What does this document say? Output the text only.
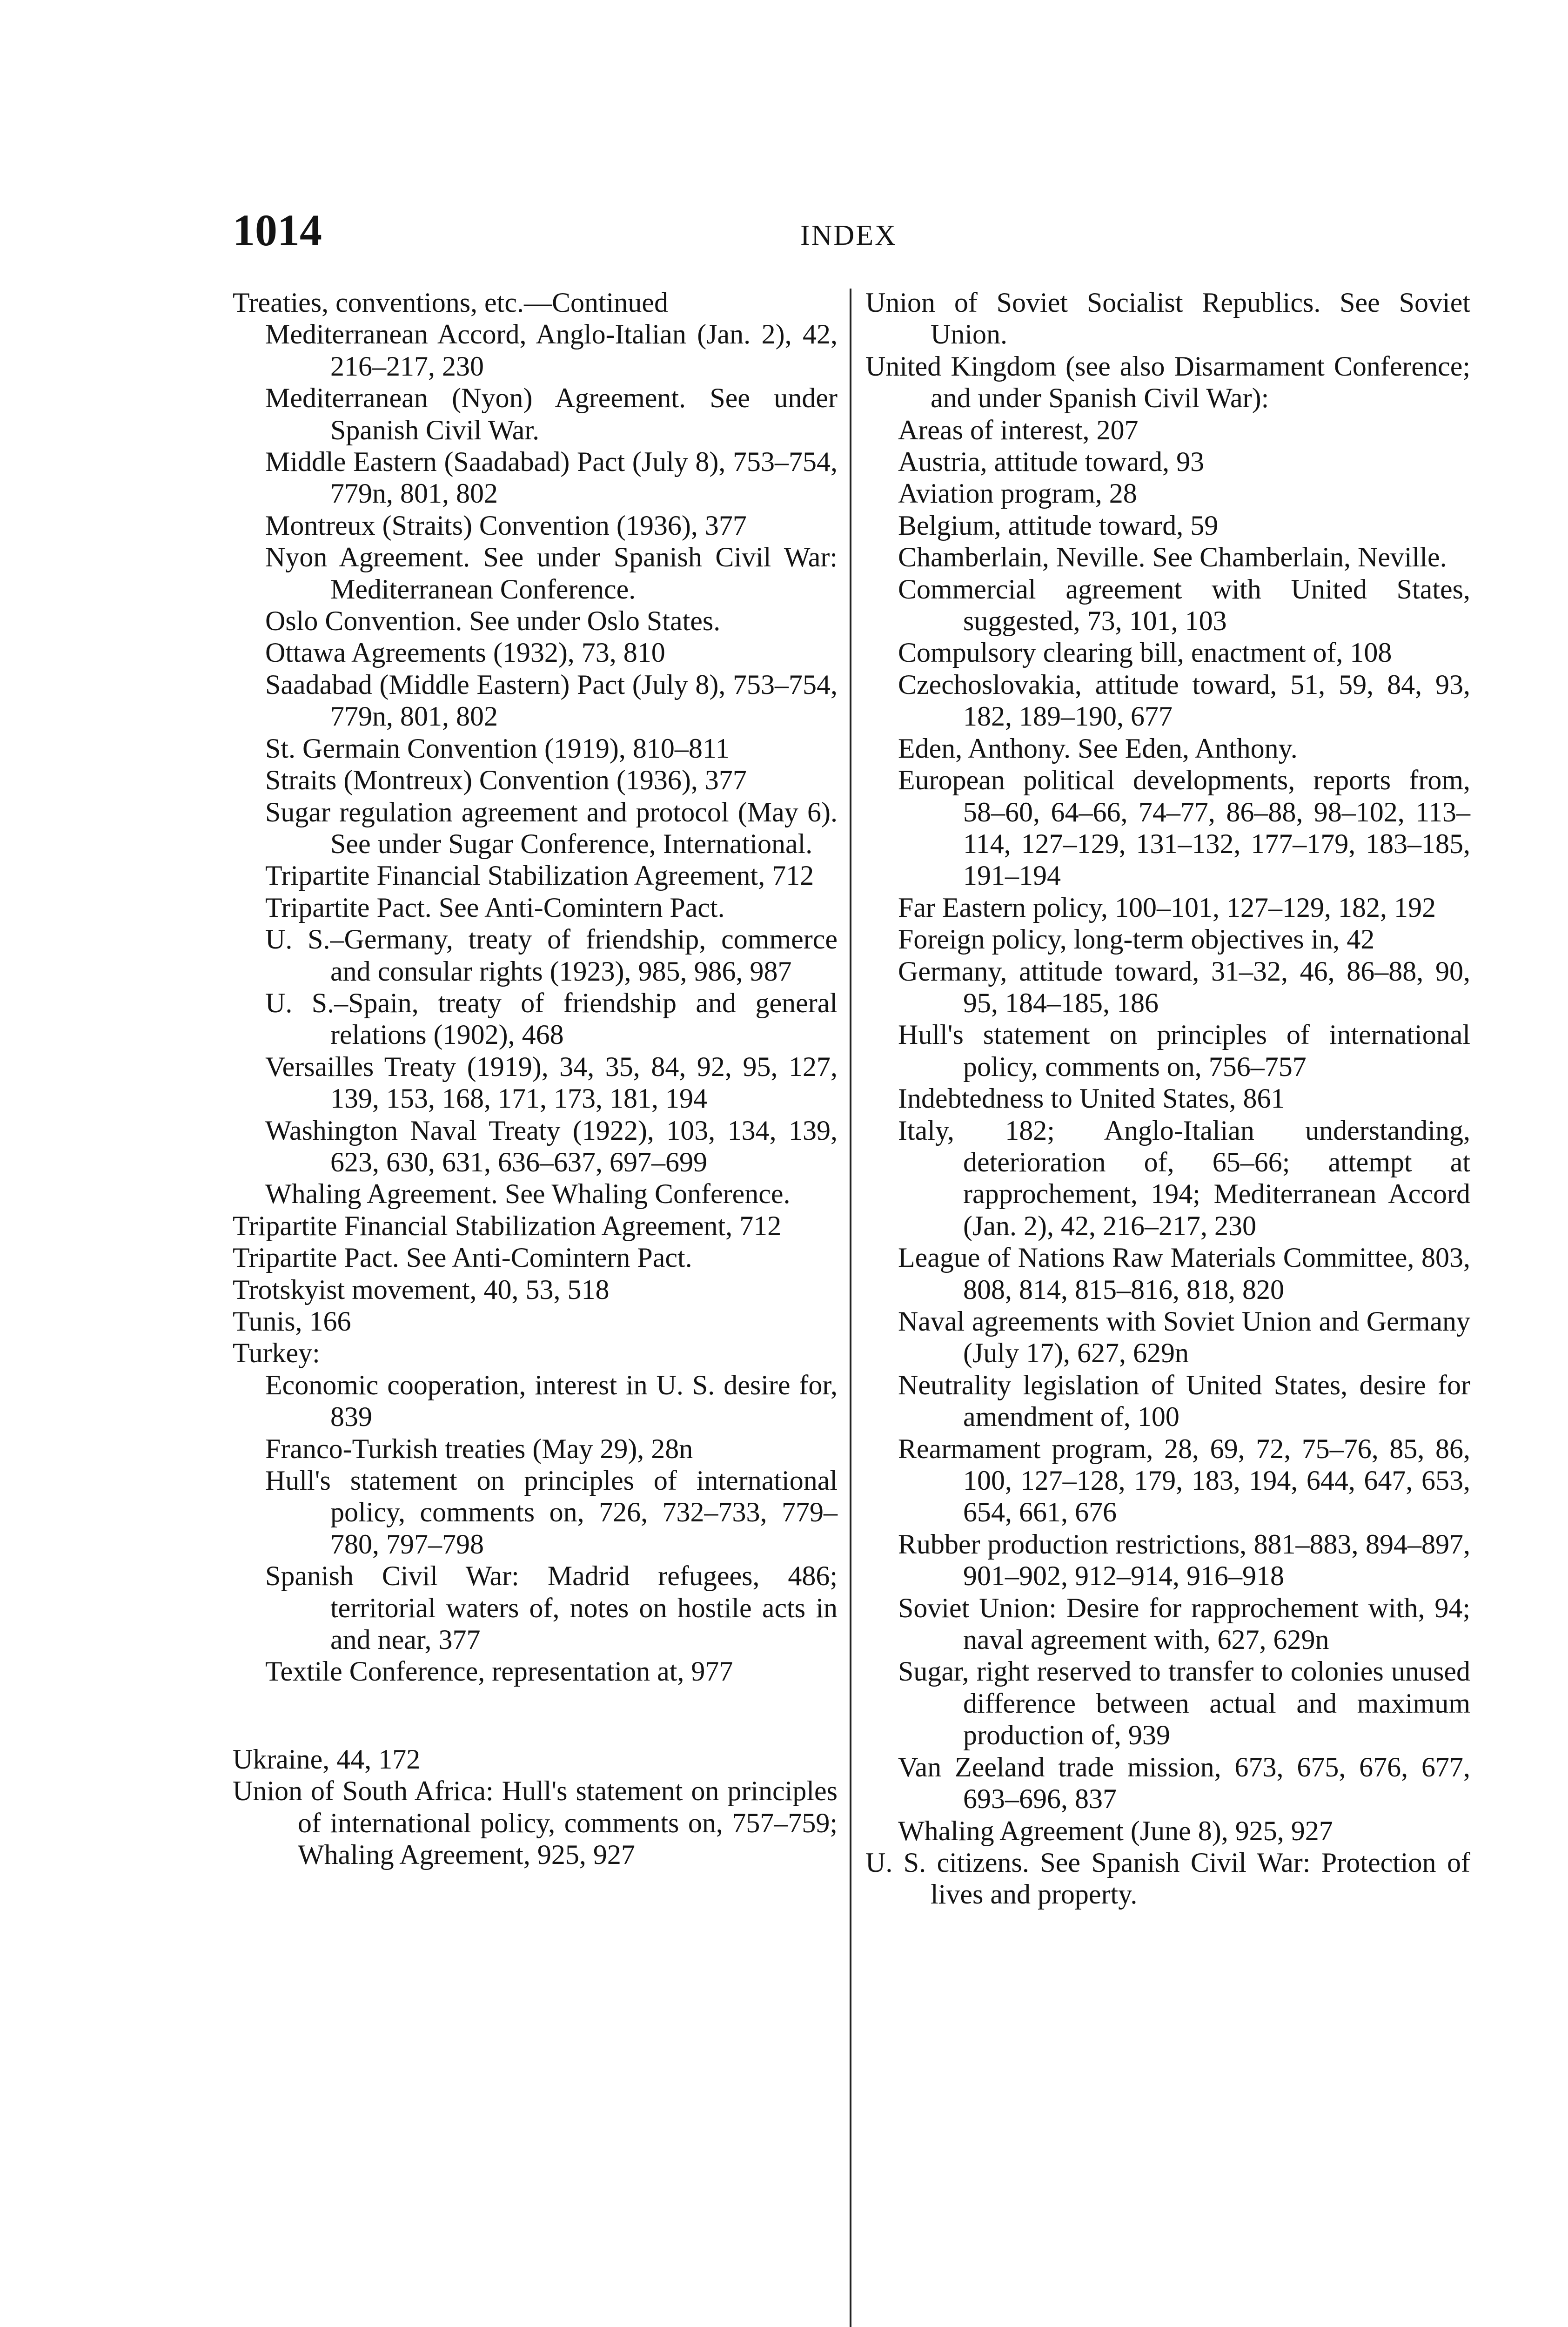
1014	INDEX

Treaties, conventions, etc.—Continued

Mediterranean Accord, Anglo-Italian (Jan. 2), 42, 216–217, 230

Mediterranean (Nyon) Agreement. See under Spanish Civil War.

Middle Eastern (Saadabad) Pact (July 8), 753–754, 779n, 801, 802

Montreux (Straits) Convention (1936), 377

Nyon Agreement. See under Spanish Civil War: Mediterranean Conference.

Oslo Convention. See under Oslo States.

Ottawa Agreements (1932), 73, 810

Saadabad (Middle Eastern) Pact (July 8), 753–754, 779n, 801, 802

St. Germain Convention (1919), 810–811

Straits (Montreux) Convention (1936), 377

Sugar regulation agreement and protocol (May 6). See under Sugar Conference, International.

Tripartite Financial Stabilization Agreement, 712

Tripartite Pact. See Anti-Comintern Pact.

U. S.–Germany, treaty of friendship, commerce and consular rights (1923), 985, 986, 987

U. S.–Spain, treaty of friendship and general relations (1902), 468

Versailles Treaty (1919), 34, 35, 84, 92, 95, 127, 139, 153, 168, 171, 173, 181, 194

Washington Naval Treaty (1922), 103, 134, 139, 623, 630, 631, 636–637, 697–699

Whaling Agreement. See Whaling Conference.

Tripartite Financial Stabilization Agreement, 712

Tripartite Pact. See Anti-Comintern Pact.

Trotskyist movement, 40, 53, 518

Tunis, 166

Turkey:

Economic cooperation, interest in U. S. desire for, 839

Franco-Turkish treaties (May 29), 28n

Hull's statement on principles of international policy, comments on, 726, 732–733, 779–780, 797–798

Spanish Civil War: Madrid refugees, 486; territorial waters of, notes on hostile acts in and near, 377

Textile Conference, representation at, 977

Ukraine, 44, 172

Union of South Africa: Hull's statement on principles of international policy, comments on, 757–759; Whaling Agreement, 925, 927

Union of Soviet Socialist Republics. See Soviet Union.

United Kingdom (see also Disarmament Conference; and under Spanish Civil War):

Areas of interest, 207

Austria, attitude toward, 93

Aviation program, 28

Belgium, attitude toward, 59

Chamberlain, Neville. See Chamberlain, Neville.

Commercial agreement with United States, suggested, 73, 101, 103

Compulsory clearing bill, enactment of, 108

Czechoslovakia, attitude toward, 51, 59, 84, 93, 182, 189–190, 677

Eden, Anthony. See Eden, Anthony.

European political developments, reports from, 58–60, 64–66, 74–77, 86–88, 98–102, 113–114, 127–129, 131–132, 177–179, 183–185, 191–194

Far Eastern policy, 100–101, 127–129, 182, 192

Foreign policy, long-term objectives in, 42

Germany, attitude toward, 31–32, 46, 86–88, 90, 95, 184–185, 186

Hull's statement on principles of international policy, comments on, 756–757

Indebtedness to United States, 861

Italy, 182; Anglo-Italian understanding, deterioration of, 65–66; attempt at rapprochement, 194; Mediterranean Accord (Jan. 2), 42, 216–217, 230

League of Nations Raw Materials Committee, 803, 808, 814, 815–816, 818, 820

Naval agreements with Soviet Union and Germany (July 17), 627, 629n

Neutrality legislation of United States, desire for amendment of, 100

Rearmament program, 28, 69, 72, 75–76, 85, 86, 100, 127–128, 179, 183, 194, 644, 647, 653, 654, 661, 676

Rubber production restrictions, 881–883, 894–897, 901–902, 912–914, 916–918

Soviet Union: Desire for rapprochement with, 94; naval agreement with, 627, 629n

Sugar, right reserved to transfer to colonies unused difference between actual and maximum production of, 939

Van Zeeland trade mission, 673, 675, 676, 677, 693–696, 837

Whaling Agreement (June 8), 925, 927

U. S. citizens. See Spanish Civil War: Protection of lives and property.
